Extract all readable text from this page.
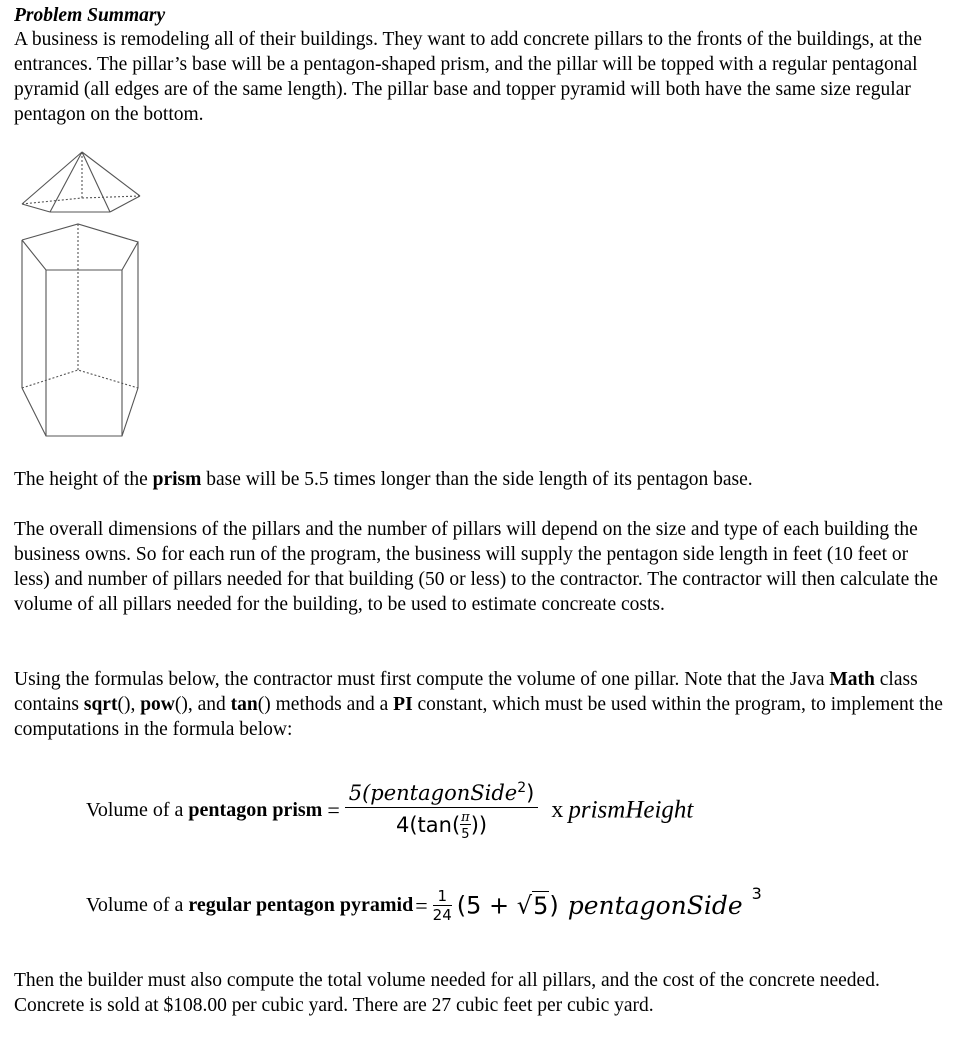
Problem Summary

A business is remodeling all of their buildings. They want to add concrete pillars to the fronts of the buildings, at the entrances. The pillar’s base will be a pentagon-shaped prism, and the pillar will be topped with a regular pentagonal pyramid (all edges are of the same length). The pillar base and topper pyramid will both have the same size regular pentagon on the bottom.

The height of the prism base will be 5.5 times longer than the side length of its pentagon base.

The overall dimensions of the pillars and the number of pillars will depend on the size and type of each building the business owns. So for each run of the program, the business will supply the pentagon side length in feet (10 feet or less) and number of pillars needed for that building (50 or less) to the contractor. The contractor will then calculate the volume of all pillars needed for the building, to be used to estimate concreate costs.

Using the formulas below, the contractor must first compute the volume of one pillar. Note that the Java Math class contains sqrt(), pow(), and tan() methods and a PI constant, which must be used within the program, to implement the computations in the formula below:

Volume of a pentagon prism = $\frac{5(pentagonSide^2)}{4(\tan( \frac{\pi}{5} ))}$ x prismHeight
Volume of a regular pentagon pyramid= $\frac{1}{24} (5 + √5)$ pentagonSide $^3$

Then the builder must also compute the total volume needed for all pillars, and the cost of the concrete needed. Concrete is sold at $108.00 per cubic yard. There are 27 cubic feet per cubic yard.
